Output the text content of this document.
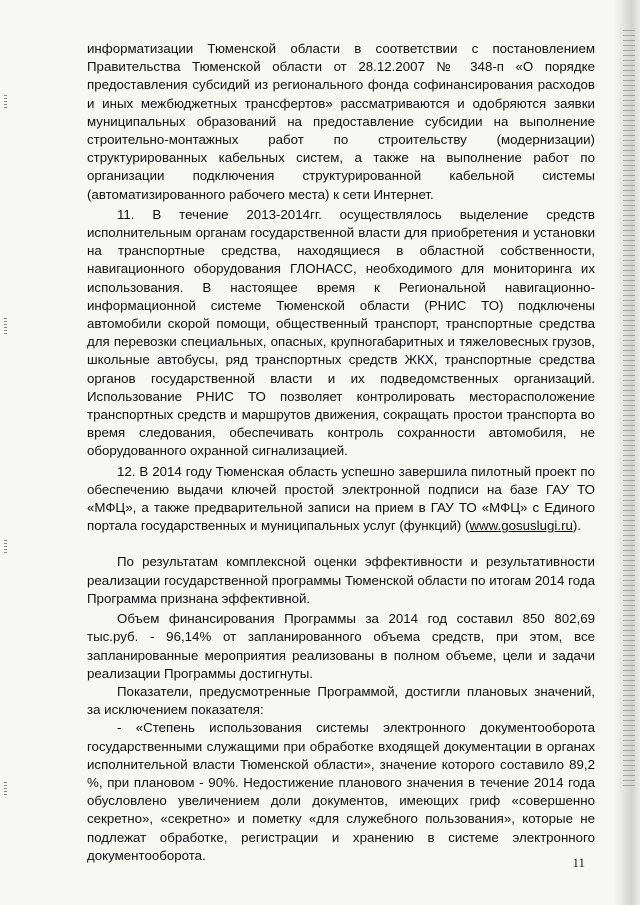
информатизации Тюменской области в соответствии с постановлением Правительства Тюменской области от 28.12.2007 № 348-п «О порядке предоставления субсидий из регионального фонда софинансирования расходов и иных межбюджетных трансфертов» рассматриваются и одобряются заявки муниципальных образований на предоставление субсидии на выполнение строительно-монтажных работ по строительству (модернизации) структурированных кабельных систем, а также на выполнение работ по организации подключения структурированной кабельной системы (автоматизированного рабочего места) к сети Интернет.

11. В течение 2013-2014гг. осуществлялось выделение средств исполнительным органам государственной власти для приобретения и установки на транспортные средства, находящиеся в областной собственности, навигационного оборудования ГЛОНАСС, необходимого для мониторинга их использования. В настоящее время к Региональной навигационно-информационной системе Тюменской области (РНИС ТО) подключены автомобили скорой помощи, общественный транспорт, транспортные средства для перевозки специальных, опасных, крупногабаритных и тяжеловесных грузов, школьные автобусы, ряд транспортных средств ЖКХ, транспортные средства органов государственной власти и их подведомственных организаций. Использование РНИС ТО позволяет контролировать месторасположение транспортных средств и маршрутов движения, сокращать простои транспорта во время следования, обеспечивать контроль сохранности автомобиля, не оборудованного охранной сигнализацией.

12. В 2014 году Тюменская область успешно завершила пилотный проект по обеспечению выдачи ключей простой электронной подписи на базе ГАУ ТО «МФЦ», а также предварительной записи на прием в ГАУ ТО «МФЦ» с Единого портала государственных и муниципальных услуг (функций) (www.gosuslugi.ru).

По результатам комплексной оценки эффективности и результативности реализации государственной программы Тюменской области по итогам 2014 года Программа признана эффективной.

Объем финансирования Программы за 2014 год составил 850 802,69 тыс.руб. - 96,14% от запланированного объема средств, при этом, все запланированные мероприятия реализованы в полном объеме, цели и задачи реализации Программы достигнуты.

Показатели, предусмотренные Программой, достигли плановых значений, за исключением показателя:

- «Степень использования системы электронного документооборота государственными служащими при обработке входящей документации в органах исполнительной власти Тюменской области», значение которого составило 89,2 %, при плановом - 90%. Недостижение планового значения в течение 2014 года обусловлено увеличением доли документов, имеющих гриф «совершенно секретно», «секретно» и пометку «для служебного пользования», которые не подлежат обработке, регистрации и хранению в системе электронного документооборота.	11
